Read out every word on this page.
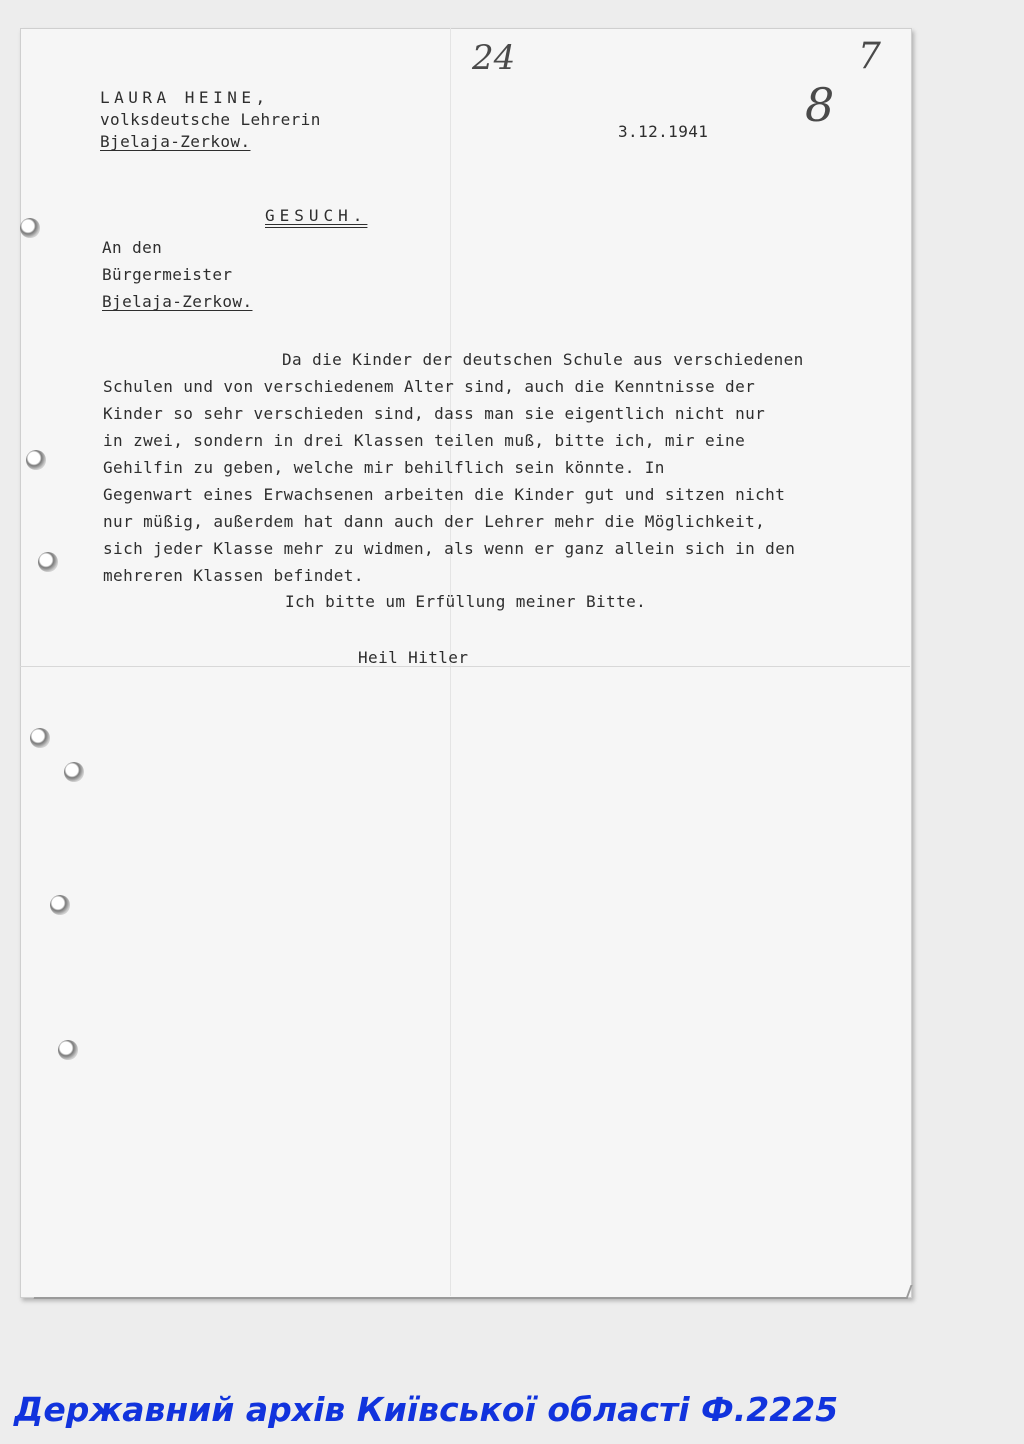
24
8
7
LAURA HEINE,
volksdeutsche Lehrerin
Bjelaja-Zerkow.
3.12.1941
GESUCH.
An den
Bürgermeister
Bjelaja-Zerkow.
Da die Kinder der deutschen Schule aus verschiedenen
Schulen und von verschiedenem Alter sind, auch die Kenntnisse der
Kinder so sehr verschieden sind, dass man sie eigentlich nicht nur
in zwei, sondern in drei Klassen teilen muß, bitte ich, mir eine
Gehilfin zu geben, welche mir behilflich sein könnte. In
Gegenwart eines Erwachsenen arbeiten die Kinder gut und sitzen nicht
nur müßig, außerdem hat dann auch der Lehrer mehr die Möglichkeit,
sich jeder Klasse mehr zu widmen, als wenn er ganz allein sich in den
mehreren Klassen befindet.
Ich bitte um Erfüllung meiner Bitte.
Heil Hitler
Державний архів Київської області Ф.2225
